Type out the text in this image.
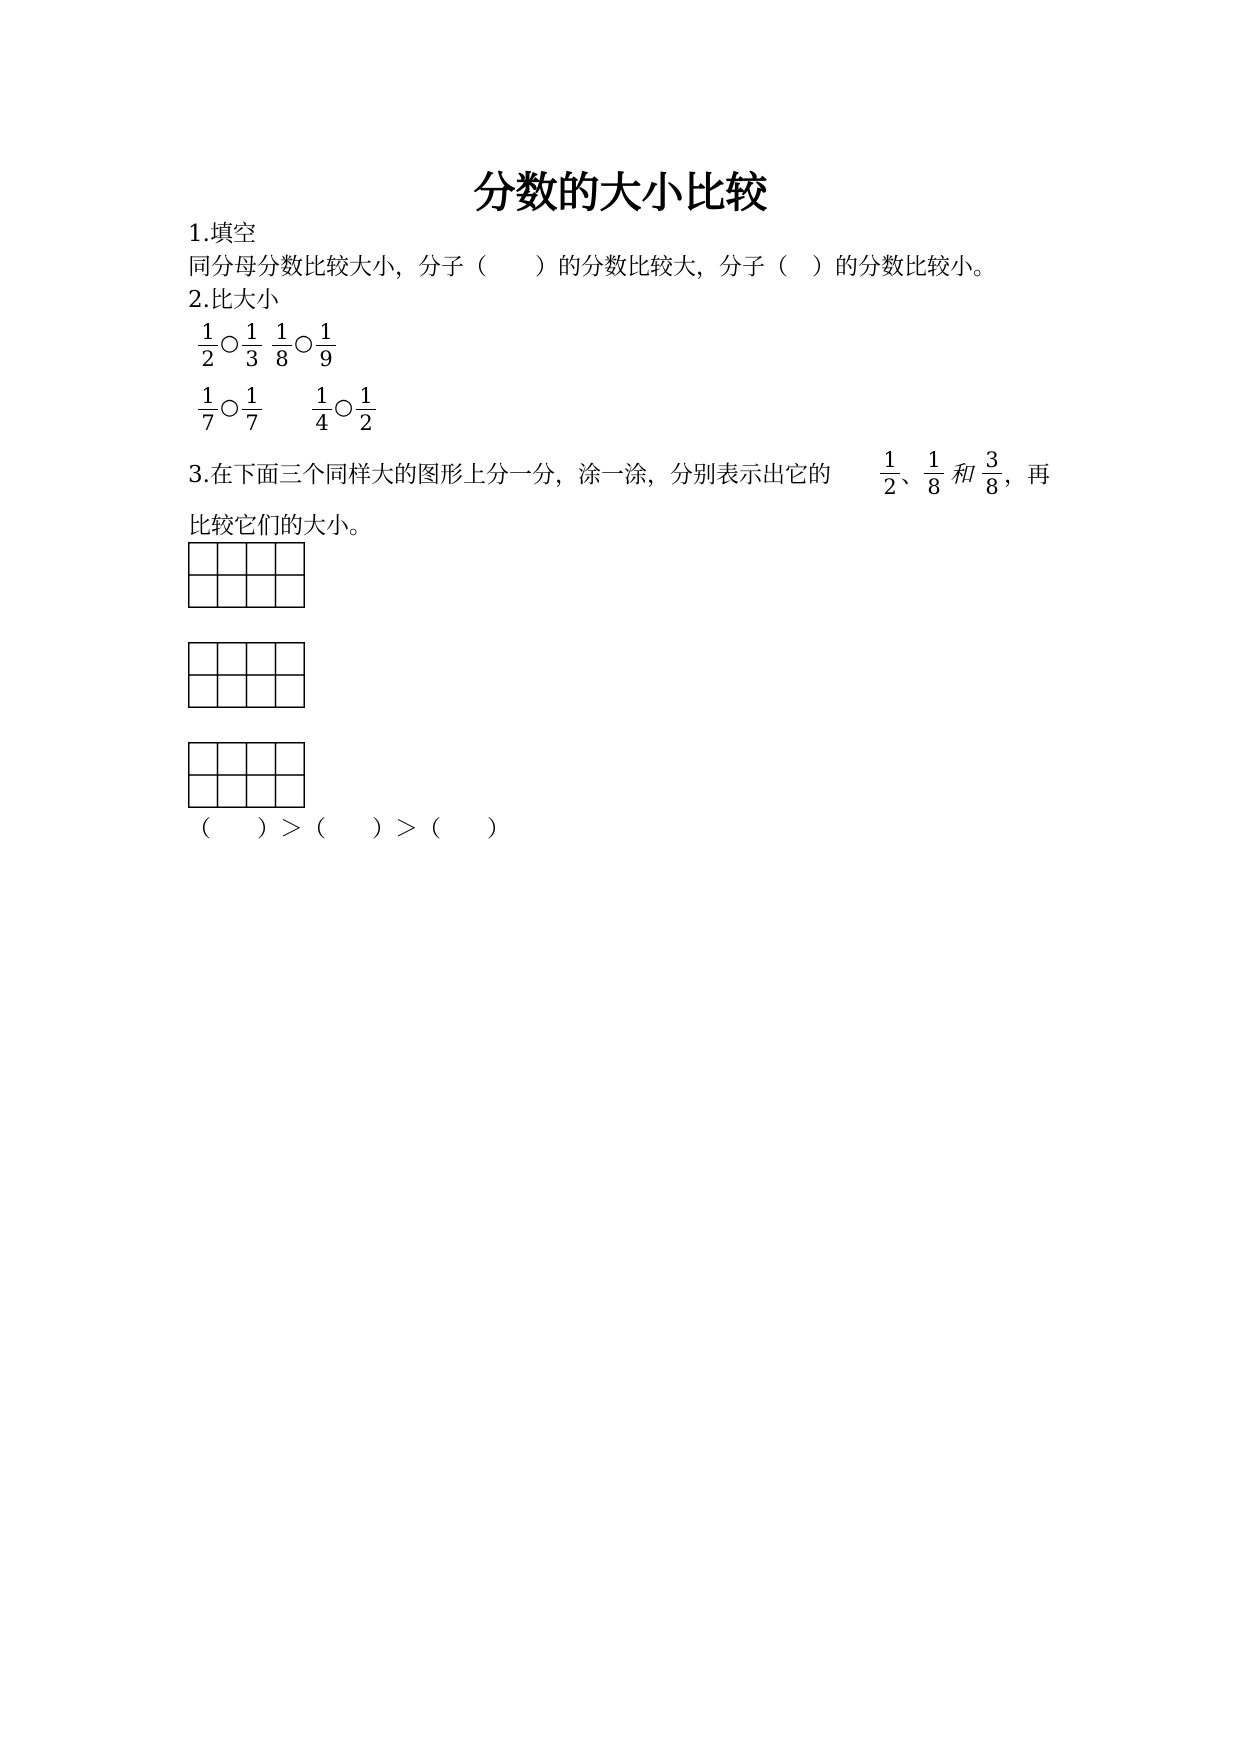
分数的大小比较
1.填空
同分母分数比较大小，分子（ ）的分数比较大，分子（ ）的分数比较小。
2.比大小
1
2
○ 1
3
1
8
○ 1
9
1
7
○ 1
7
1
4
○ 1
2
3.在下面三个同样大的图形上分一分，涂一涂，分别表示出它的
1
2 、
1
8 和
3
8 ，再
比较它们的大小。
（　　）＞（　　）＞（　　）
